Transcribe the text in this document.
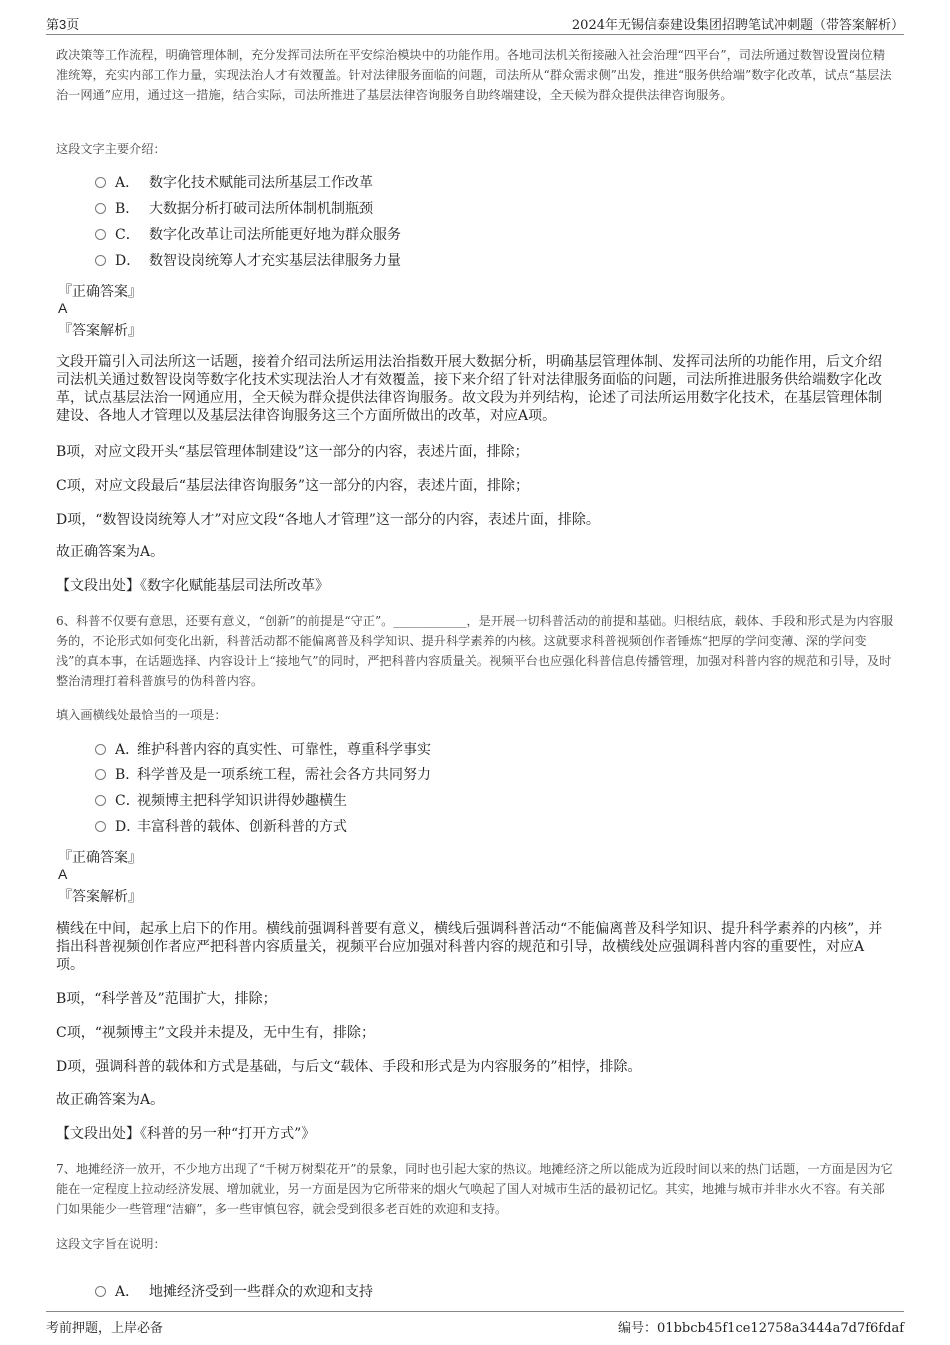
第3页	2024年无锡信泰建设集团招聘笔试冲刺题（带答案解析）

政决策等工作流程，明确管理体制，充分发挥司法所在平安综治模块中的功能作用。各地司法机关衔接融入社会治理“四平台”，司法所通过数智设置岗位精准统筹，充实内部工作力量，实现法治人才有效覆盖。针对法律服务面临的问题，司法所从“群众需求侧”出发，推进“服务供给端”数字化改革，试点“基层法治一网通”应用，通过这一措施，结合实际，司法所推进了基层法律咨询服务自助终端建设，全天候为群众提供法律咨询服务。

这段文字主要介绍：

A． 数字化技术赋能司法所基层工作改革
B． 大数据分析打破司法所体制机制瓶颈
C． 数字化改革让司法所能更好地为群众服务
D． 数智设岗统筹人才充实基层法律服务力量
『正确答案』
A
『答案解析』

文段开篇引入司法所这一话题，接着介绍司法所运用法治指数开展大数据分析，明确基层管理体制、发挥司法所的功能作用，后文介绍司法机关通过数智设岗等数字化技术实现法治人才有效覆盖，接下来介绍了针对法律服务面临的问题，司法所推进服务供给端数字化改革，试点基层法治一网通应用，全天候为群众提供法律咨询服务。故文段为并列结构，论述了司法所运用数字化技术，在基层管理体制建设、各地人才管理以及基层法律咨询服务这三个方面所做出的改革，对应A项。

B项，对应文段开头“基层管理体制建设”这一部分的内容，表述片面，排除；

C项，对应文段最后“基层法律咨询服务”这一部分的内容，表述片面，排除；

D项，“数智设岗统筹人才”对应文段“各地人才管理”这一部分的内容，表述片面，排除。

故正确答案为A。

【文段出处】《数字化赋能基层司法所改革》

6、科普不仅要有意思，还要有意义，“创新”的前提是“守正”。____________，是开展一切科普活动的前提和基础。归根结底，载体、手段和形式是为内容服务的，不论形式如何变化出新，科普活动都不能偏离普及科学知识、提升科学素养的内核。这就要求科普视频创作者锤炼“把厚的学问变薄、深的学问变浅”的真本事，在话题选择、内容设计上“接地气”的同时，严把科普内容质量关。视频平台也应强化科普信息传播管理，加强对科普内容的规范和引导，及时整治清理打着科普旗号的伪科普内容。

填入画横线处最恰当的一项是：

A．维护科普内容的真实性、可靠性，尊重科学事实
B．科学普及是一项系统工程，需社会各方共同努力
C．视频博主把科学知识讲得妙趣横生
D．丰富科普的载体、创新科普的方式
『正确答案』
A
『答案解析』

横线在中间，起承上启下的作用。横线前强调科普要有意义，横线后强调科普活动“不能偏离普及科学知识、提升科学素养的内核”，并指出科普视频创作者应严把科普内容质量关，视频平台应加强对科普内容的规范和引导，故横线处应强调科普内容的重要性，对应A项。

B项，“科学普及”范围扩大，排除；

C项，“视频博主”文段并未提及，无中生有，排除；

D项，强调科普的载体和方式是基础，与后文“载体、手段和形式是为内容服务的”相悖，排除。

故正确答案为A。

【文段出处】《科普的另一种“打开方式”》

7、地摊经济一放开，不少地方出现了“千树万树梨花开”的景象，同时也引起大家的热议。地摊经济之所以能成为近段时间以来的热门话题，一方面是因为它能在一定程度上拉动经济发展、增加就业，另一方面是因为它所带来的烟火气唤起了国人对城市生活的最初记忆。其实，地摊与城市并非水火不容。有关部门如果能少一些管理“洁癖”，多一些审慎包容，就会受到很多老百姓的欢迎和支持。

这段文字旨在说明：

A． 地摊经济受到一些群众的欢迎和支持
考前押题，上岸必备	编号：01bbcb45f1ce12758a3444a7d7f6fdaf
